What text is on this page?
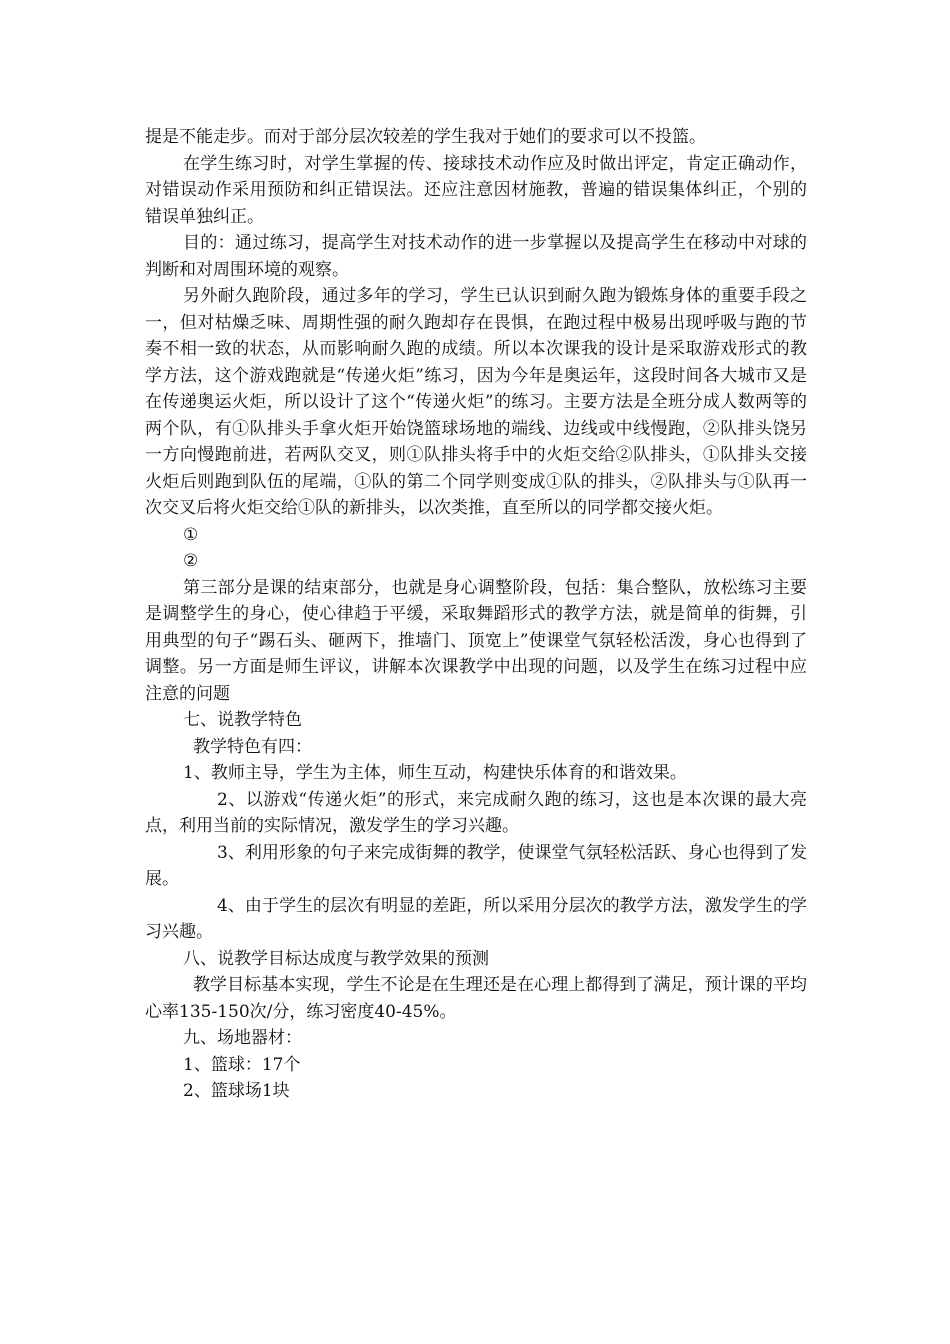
提是不能走步。而对于部分层次较差的学生我对于她们的要求可以不投篮。

在学生练习时，对学生掌握的传、接球技术动作应及时做出评定，肯定正确动作，对错误动作采用预防和纠正错误法。还应注意因材施教，普遍的错误集体纠正，个别的错误单独纠正。

目的：通过练习，提高学生对技术动作的进一步掌握以及提高学生在移动中对球的判断和对周围环境的观察。

另外耐久跑阶段，通过多年的学习，学生已认识到耐久跑为锻炼身体的重要手段之一，但对枯燥乏味、周期性强的耐久跑却存在畏惧，在跑过程中极易出现呼吸与跑的节奏不相一致的状态，从而影响耐久跑的成绩。所以本次课我的设计是采取游戏形式的教学方法，这个游戏跑就是“传递火炬”练习，因为今年是奥运年，这段时间各大城市又是在传递奥运火炬，所以设计了这个“传递火炬”的练习。主要方法是全班分成人数两等的两个队，有①队排头手拿火炬开始饶篮球场地的端线、边线或中线慢跑，②队排头饶另一方向慢跑前进，若两队交叉，则①队排头将手中的火炬交给②队排头，①队排头交接火炬后则跑到队伍的尾端，①队的第二个同学则变成①队的排头，②队排头与①队再一次交叉后将火炬交给①队的新排头，以次类推，直至所以的同学都交接火炬。

①

②

第三部分是课的结束部分，也就是身心调整阶段，包括：集合整队，放松练习主要是调整学生的身心，使心律趋于平缓，采取舞蹈形式的教学方法，就是简单的街舞，引用典型的句子“踢石头、砸两下，推墙门、顶宽上”使课堂气氛轻松活泼，身心也得到了调整。另一方面是师生评议，讲解本次课教学中出现的问题，以及学生在练习过程中应注意的问题

七、说教学特色

教学特色有四：

1、教师主导，学生为主体，师生互动，构建快乐体育的和谐效果。

2、以游戏“传递火炬”的形式，来完成耐久跑的练习，这也是本次课的最大亮点，利用当前的实际情况，激发学生的学习兴趣。

3、利用形象的句子来完成街舞的教学，使课堂气氛轻松活跃、身心也得到了发展。

4、由于学生的层次有明显的差距，所以采用分层次的教学方法，激发学生的学习兴趣。

八、说教学目标达成度与教学效果的预测

教学目标基本实现，学生不论是在生理还是在心理上都得到了满足，预计课的平均心率135-150次/分，练习密度40-45%。

九、场地器材：

1、篮球：17个

2、篮球场1块
